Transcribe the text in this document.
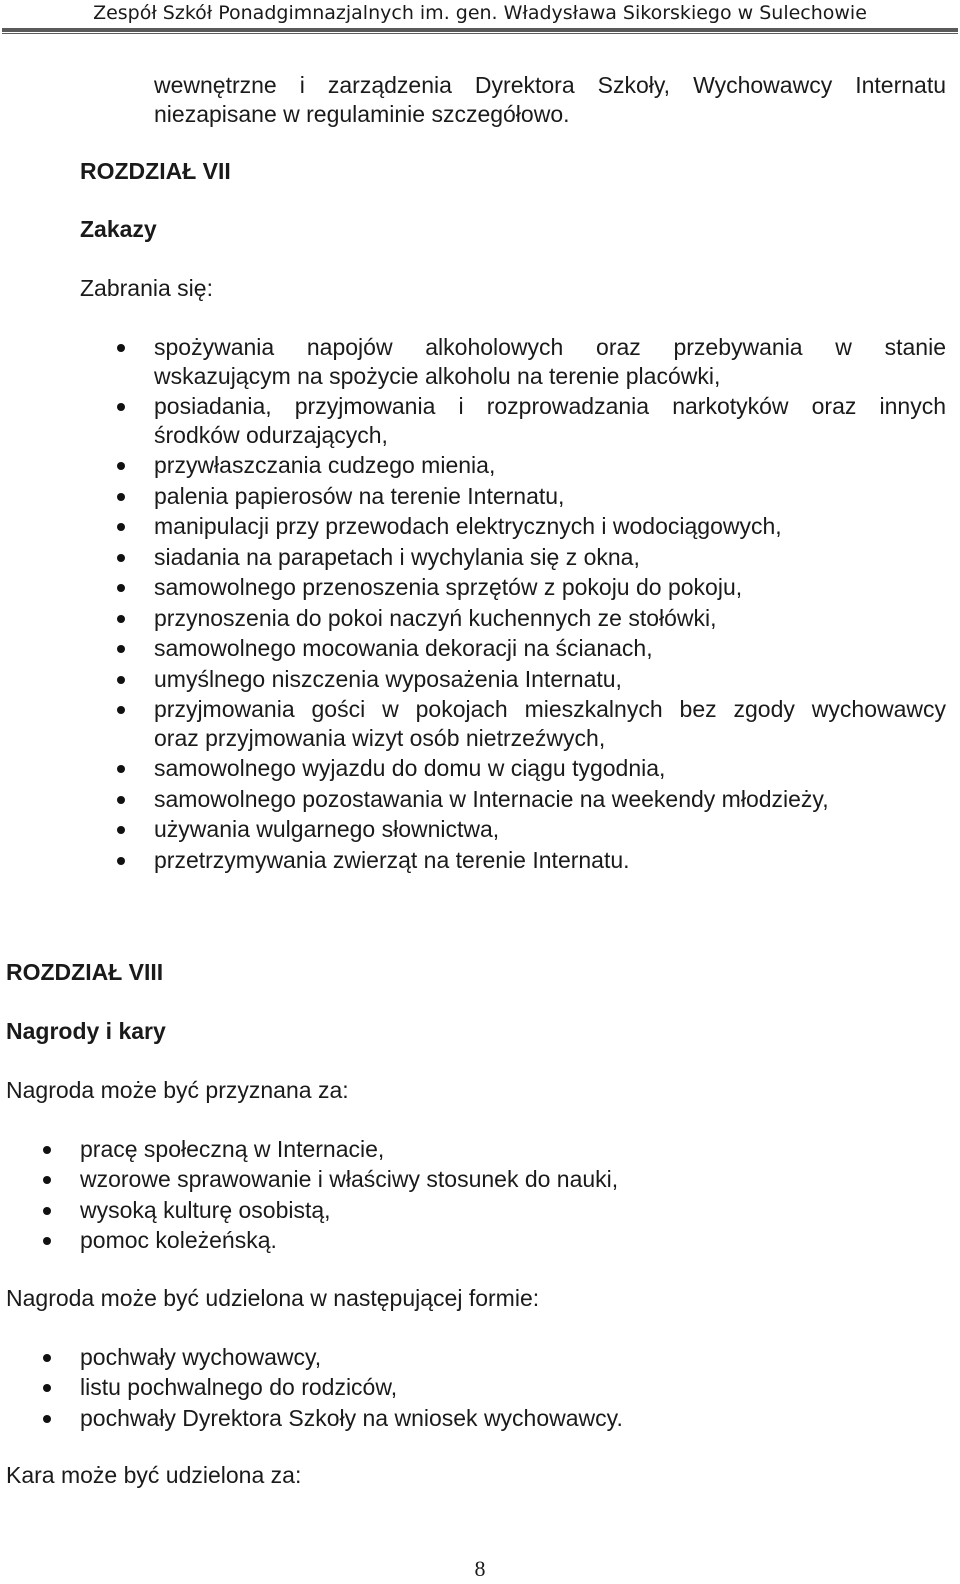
Zespół Szkół Ponadgimnazjalnych im. gen. Władysława Sikorskiego w Sulechowie

wewnętrzne i zarządzenia Dyrektora Szkoły, Wychowawcy Internatu
niezapisane w regulaminie szczegółowo.

ROZDZIAŁ VII
Zakazy

Zabrania się:

spożywania napojów alkoholowych oraz przebywania w stanie
wskazującym na spożycie alkoholu na terenie placówki,
posiadania, przyjmowania i rozprowadzania narkotyków oraz innych
środków odurzających,
przywłaszczania cudzego mienia,
palenia papierosów na terenie Internatu,
manipulacji przy przewodach elektrycznych i wodociągowych,
siadania na parapetach i wychylania się z okna,
samowolnego przenoszenia sprzętów z pokoju do pokoju,
przynoszenia do pokoi naczyń kuchennych ze stołówki,
samowolnego mocowania dekoracji na ścianach,
umyślnego niszczenia wyposażenia Internatu,
przyjmowania gości w pokojach mieszkalnych bez zgody wychowawcy
oraz przyjmowania wizyt osób nietrzeźwych,
samowolnego wyjazdu do domu w ciągu tygodnia,
samowolnego pozostawania w Internacie na weekendy młodzieży,
używania wulgarnego słownictwa,
przetrzymywania zwierząt na terenie Internatu.
ROZDZIAŁ VIII
Nagrody i kary

Nagroda może być przyznana za:

pracę społeczną w Internacie,
wzorowe sprawowanie i właściwy stosunek do nauki,
wysoką kulturę osobistą,
pomoc koleżeńską.

Nagroda może być udzielona w następującej formie:

pochwały wychowawcy,
listu pochwalnego do rodziców,
pochwały Dyrektora Szkoły na wniosek wychowawcy.

Kara może być udzielona za:

8
